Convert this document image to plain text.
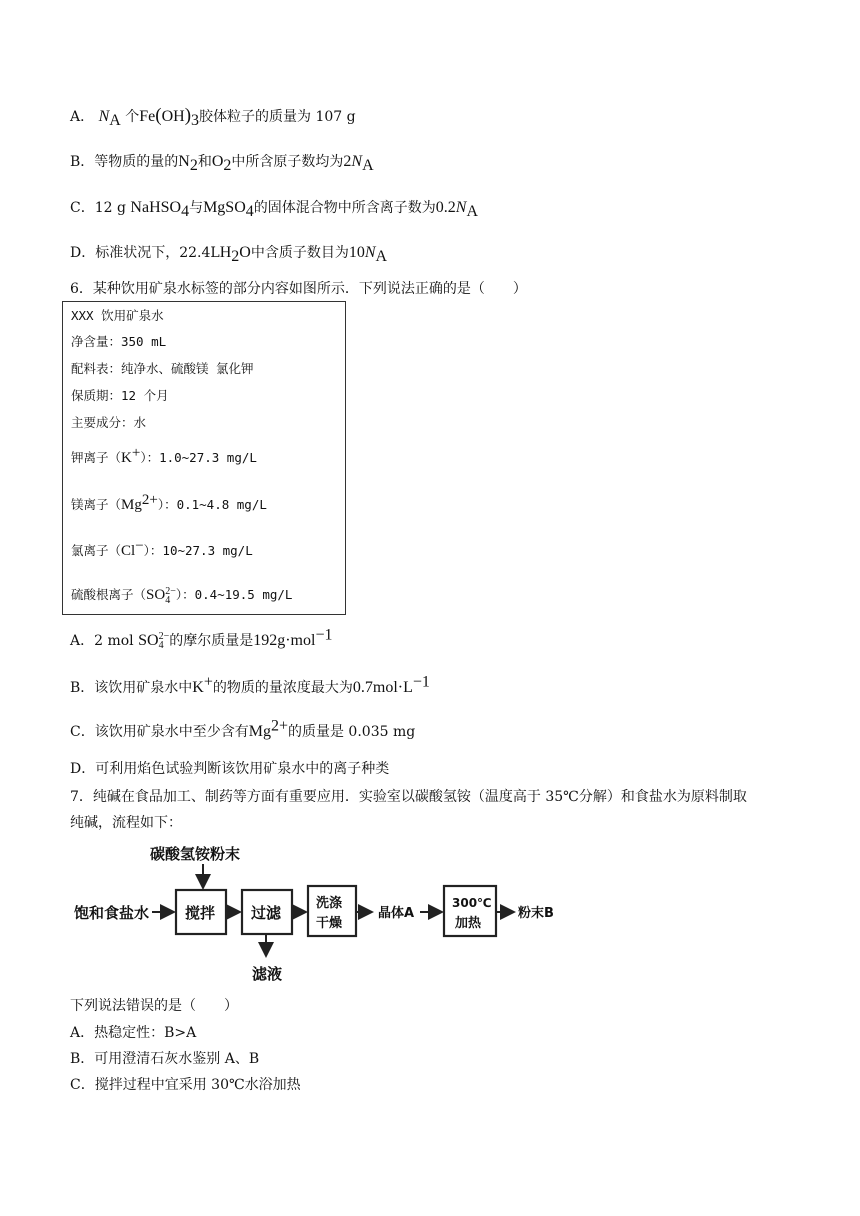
A． $N_A$ 个$Fe(OH)_3$胶体粒子的质量为 107 g
B．等物质的量的$N_2$和$O_2$中所含原子数均为$2N_A$
C．12 g NaHSO$_4$与MgSO$_4$的固体混合物中所含离子数为$0.2N_A$
D．标准状况下，$22.4LH_2O$中含质子数目为$10N_A$
6．某种饮用矿泉水标签的部分内容如图所示．下列说法正确的是（　　）
XXX 饮用矿泉水
净含量：350 mL
配料表：纯净水、硫酸镁 氯化钾
保质期：12 个月
主要成分：水
钾离子（K+）：1.0~27.3 mg/L
镁离子$(Mg^{2+})$：0.1~4.8 mg/L
氯离子（Cl−）：10~27.3 mg/L
硫酸根离子（SO 2−
4 ）：0.4~19.5 mg/L
A．2 mol SO 2−
4 的摩尔质量是192g·mol$^{-1}$
B．该饮用矿泉水中K+的物质的量浓度最大为$0.7mol\cdot L^{-1}$
C．该饮用矿泉水中至少含有$Mg^{2+}$的质量是 0.035 mg
D．可利用焰色试验判断该饮用矿泉水中的离子种类
7．纯碱在食品加工、制药等方面有重要应用．实验室以碳酸氢铵（温度高于 35℃分解）和食盐水为原料制取
纯碱，流程如下：
碳酸氢铵粉末
饱和食盐水 搅拌 过滤
洗涤
干燥
晶体A
300℃
加热
粉末B
滤液
下列说法错误的是（　　）
A．热稳定性：B>A
B．可用澄清石灰水鉴别 A、B
C．搅拌过程中宜采用 30℃水浴加热
